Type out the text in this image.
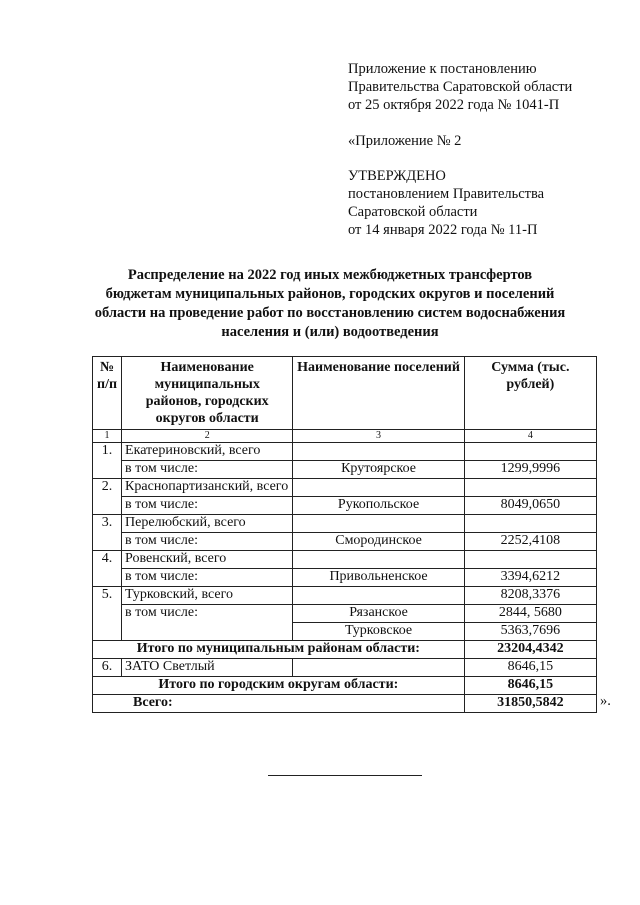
Приложение к постановлению
Правительства Саратовской области
от 25 октября 2022 года № 1041-П
«Приложение № 2
УТВЕРЖДЕНО
постановлением Правительства
Саратовской области
от 14 января 2022 года № 11-П
Распределение на 2022 год иных межбюджетных трансфертов
бюджетам муниципальных районов, городских округов и поселений
области на проведение работ по восстановлению систем водоснабжения
населения и (или) водоотведения
№ п/п	Наименование муниципальных районов, городских округов области	Наименование поселений	Сумма (тыс. рублей)
1	2	3	4
1.	Екатериновский, всего		
	в том числе:	Крутоярское	1299,9996
2.	Краснопартизанский, всего		
	в том числе:	Рукопольское	8049,0650
3.	Перелюбский, всего		
	в том числе:	Смородинское	2252,4108
4.	Ровенский, всего		
	в том числе:	Привольненское	3394,6212
5.	Турковский, всего		8208,3376
	в том числе:	Рязанское	2844, 5680
		Турковское	5363,7696
Итого по муниципальным районам области:			23204,4342
6.	ЗАТО Светлый		8646,15
Итого по городским округам области:			8646,15
Всего:			31850,5842	».
